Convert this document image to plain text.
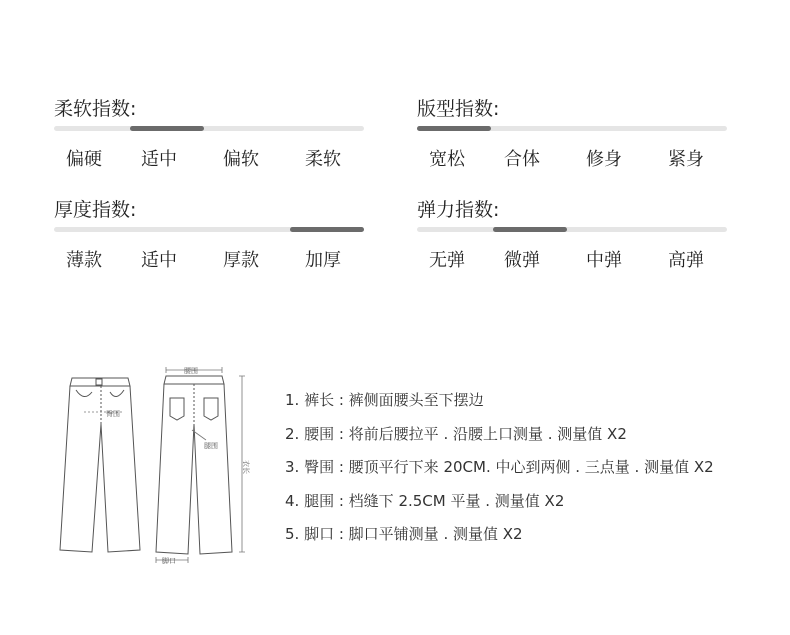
柔软指数:
偏硬	适中	偏软	柔软
版型指数:
宽松	合体	修身	紧身
厚度指数:
薄款	适中	厚款	加厚
弹力指数:
无弹	微弹	中弹	高弹
腰围
臀围
腿围
脚口
衣长
1. 裤长 : 裤侧面腰头至下摆边
2. 腰围 : 将前后腰拉平 . 沿腰上口测量 . 测量值 X2
3. 臀围 : 腰顶平行下来 20CM. 中心到两侧 . 三点量 . 测量值 X2
4. 腿围 : 档缝下 2.5CM 平量 . 测量值 X2
5. 脚口 : 脚口平铺测量 . 测量值 X2
